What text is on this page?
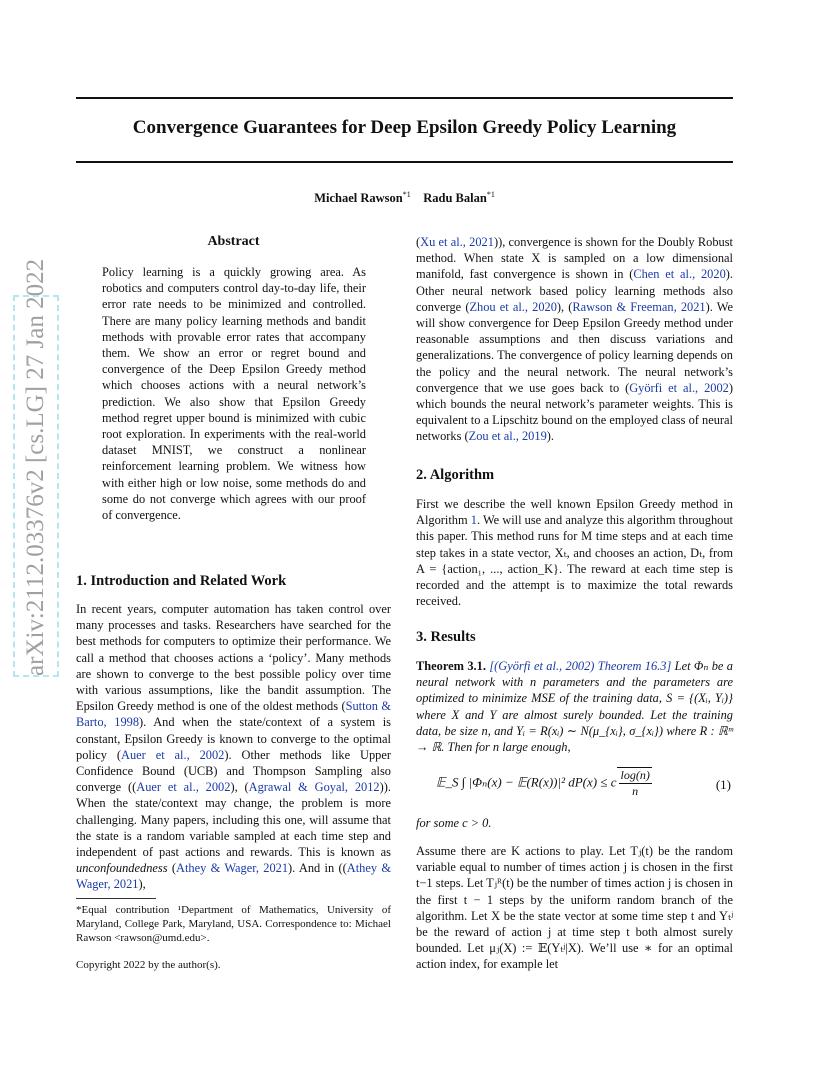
arXiv:2112.03376v2 [cs.LG] 27 Jan 2022
Convergence Guarantees for Deep Epsilon Greedy Policy Learning
Michael Rawson$^{*1}$ Radu Balan$^{*1}$
Abstract

Policy learning is a quickly growing area. As robotics and computers control day-to-day life, their error rate needs to be minimized and controlled. There are many policy learning methods and bandit methods with provable error rates that accompany them. We show an error or regret bound and convergence of the Deep Epsilon Greedy method which chooses actions with a neural network’s prediction. We also show that Epsilon Greedy method regret upper bound is minimized with cubic root exploration. In experiments with the real-world dataset MNIST, we construct a nonlinear reinforcement learning problem. We witness how with either high or low noise, some methods do and some do not converge which agrees with our proof of convergence.

1. Introduction and Related Work

In recent years, computer automation has taken control over many processes and tasks. Researchers have searched for the best methods for computers to optimize their performance. We call a method that chooses actions a ‘policy’. Many methods are shown to converge to the best possible policy over time with various assumptions, like the bandit assumption. The Epsilon Greedy method is one of the oldest methods (Sutton & Barto, 1998). And when the state/context of a system is constant, Epsilon Greedy is known to converge to the optimal policy (Auer et al., 2002). Other methods like Upper Confidence Bound (UCB) and Thompson Sampling also converge ((Auer et al., 2002), (Agrawal & Goyal, 2012)). When the state/context may change, the problem is more challenging. Many papers, including this one, will assume that the state is a random variable sampled at each time step and independent of past actions and rewards. This is known as unconfoundedness (Athey & Wager, 2021). And in ((Athey & Wager, 2021),

*Equal contribution ¹Department of Mathematics, University of Maryland, College Park, Maryland, USA. Correspondence to: Michael Rawson <rawson@umd.edu>.
Copyright 2022 by the author(s).

(Xu et al., 2021)), convergence is shown for the Doubly Robust method. When state X is sampled on a low dimensional manifold, fast convergence is shown in (Chen et al., 2020). Other neural network based policy learning methods also converge (Zhou et al., 2020), (Rawson & Freeman, 2021). We will show convergence for Deep Epsilon Greedy method under reasonable assumptions and then discuss variations and generalizations. The convergence of policy learning depends on the policy and the neural network. The neural network’s convergence that we use goes back to (Györfi et al., 2002) which bounds the neural network’s parameter weights. This is equivalent to a Lipschitz bound on the employed class of neural networks (Zou et al., 2019).

2. Algorithm

First we describe the well known Epsilon Greedy method in Algorithm 1. We will use and analyze this algorithm throughout this paper. This method runs for M time steps and at each time step takes in a state vector, Xₜ, and chooses an action, Dₜ, from A = {action₁, ..., action_K}. The reward at each time step is recorded and the attempt is to maximize the total rewards received.

3. Results

Theorem 3.1. [(Györfi et al., 2002) Theorem 16.3] Let Φₙ be a neural network with n parameters and the parameters are optimized to minimize MSE of the training data, S = {(Xᵢ, Yᵢ)} where X and Y are almost surely bounded. Let the training data, be size n, and Yᵢ = R(xᵢ) ∼ N(μ_{xᵢ}, σ_{xᵢ}) where R : ℝᵐ → ℝ. Then for n large enough,

𝔼_S ∫ |Φₙ(x) − 𝔼(R(x))|² dP(x) ≤ c $\frac{\log(n)}{n}$	(1)

for some c > 0.

Assume there are K actions to play. Let Tⱼ(t) be the random variable equal to number of times action j is chosen in the first t−1 steps. Let Tⱼᴿ(t) be the number of times action j is chosen in the first t − 1 steps by the uniform random branch of the algorithm. Let X be the state vector at some time step t and Yₜʲ be the reward of action j at time step t both almost surely bounded. Let μⱼ(X) := 𝔼(Yₜʲ|X). We’ll use ∗ for an optimal action index, for example let
